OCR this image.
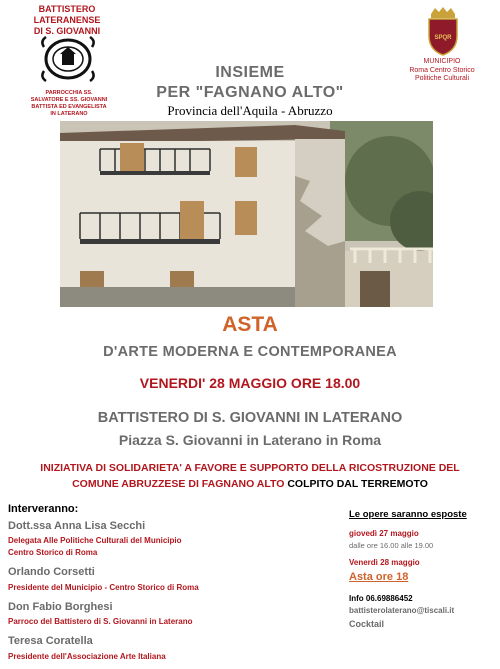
BATTISTERO LATERANENSE
DI S. GIOVANNI
PARROCCHIA SS. SALVATORE E SS. GIOVANNI BATTISTA ED EVANGELISTA IN LATERANO
SPQR
MUNICIPIO
Roma Centro Storico
Politiche Culturali
INSIEME
PER "FAGNANO ALTO"
Provincia dell'Aquila - Abruzzo
ASTA
D'ARTE MODERNA E CONTEMPORANEA
VENERDI' 28 MAGGIO ORE 18.00
BATTISTERO DI S. GIOVANNI IN LATERANO
Piazza S. Giovanni in Laterano in Roma
INIZIATIVA DI SOLIDARIETA' A FAVORE E SUPPORTO DELLA RICOSTRUZIONE DEL
COMUNE ABRUZZESE DI FAGNANO ALTO COLPITO DAL TERREMOTO
Interveranno:
Dott.ssa Anna Lisa Secchi
Delegata Alle Politiche Culturali del Municipio
Centro Storico di Roma
Orlando Corsetti
Presidente del Municipio - Centro Storico di Roma
Don Fabio Borghesi
Parroco del Battistero di S. Giovanni in Laterano
Teresa Coratella
Presidente dell'Associazione Arte Italiana
Le opere saranno esposte
giovedì 27 maggio
dalle ore 16.00 alle 19.00
Venerdì 28 maggio
Asta ore 18
Info 06.69886452
battisterolaterano@tiscali.it
Cocktail
